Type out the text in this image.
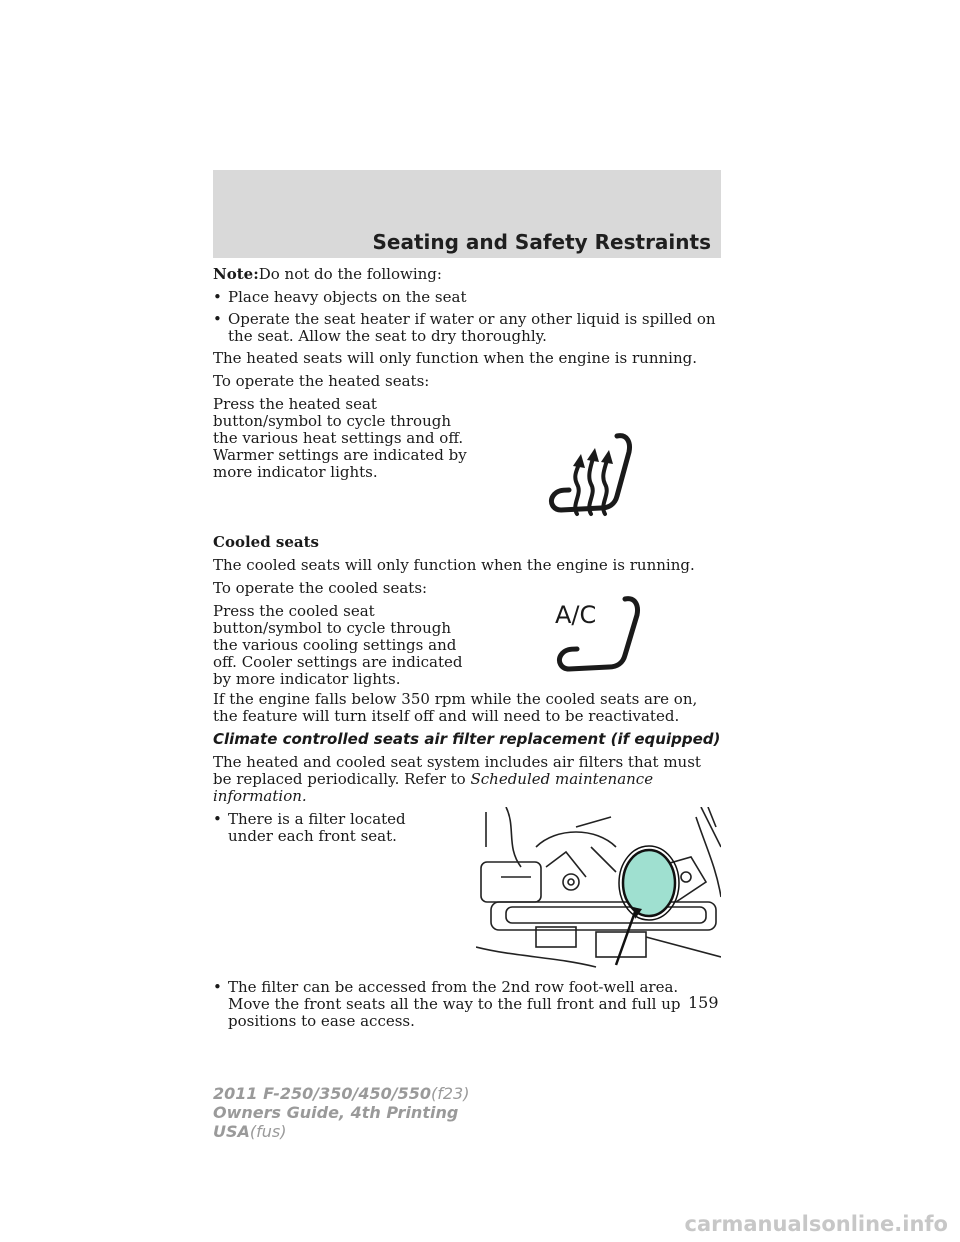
Seating and Safety Restraints

Note:Do not do the following:

• Place heavy objects on the seat
• Operate the seat heater if water or any other liquid is spilled on the seat. Allow the seat to dry thoroughly.

The heated seats will only function when the engine is running.

To operate the heated seats:

Press the heated seat button/symbol to cycle through the various heat settings and off. Warmer settings are indicated by more indicator lights.

Cooled seats

The cooled seats will only function when the engine is running.

To operate the cooled seats:

Press the cooled seat button/symbol to cycle through the various cooling settings and off. Cooler settings are indicated by more indicator lights.
A/C

If the engine falls below 350 rpm while the cooled seats are on, the feature will turn itself off and will need to be reactivated.

Climate controlled seats air filter replacement (if equipped)

The heated and cooled seat system includes air filters that must be replaced periodically. Refer to Scheduled maintenance information.

• There is a filter located under each front seat.
• The filter can be accessed from the 2nd row foot-well area. Move the front seats all the way to the full front and full up positions to ease access.
159
2011 F-250/350/450/550(f23)
Owners Guide, 4th Printing
USA(fus)
carmanualsonline.info
